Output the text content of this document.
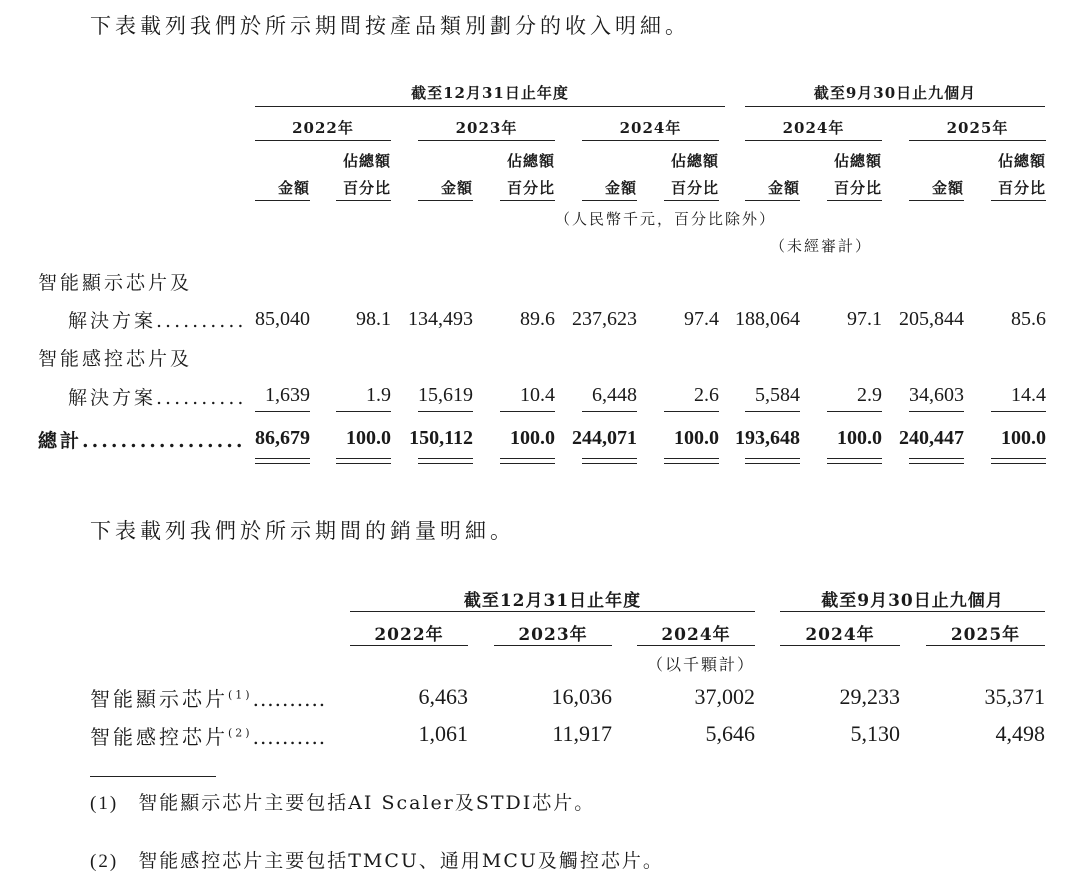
下表載列我們於所示期間按產品類別劃分的收入明細。
截至12月31日止年度	截至9月30日止九個月
2022年	2023年	2024年	2024年	2025年
佔總額	佔總額	佔總額	佔總額	佔總額
金額	百分比	金額	百分比	金額	百分比	金額	百分比	金額	百分比
（人民幣千元，百分比除外）
（未經審計）
智能顯示芯片及
解決方案.......... 85,040	98.1 134,493	89.6 237,623	97.4 188,064	97.1 205,844	85.6
智能感控芯片及
解決方案.......... 1,639	1.9	15,619	10.4	6,448	2.6	5,584	2.9	34,603	14.4
總計................. 86,679	100.0 150,112	100.0 244,071	100.0 193,648	100.0 240,447	100.0
下表載列我們於所示期間的銷量明細。
截至12月31日止年度	截至9月30日止九個月
2022年	2023年	2024年	2024年	2025年
（以千顆計）
智能顯示芯片$^{(1)}$..........	6,463	16,036	37,002	29,233	35,371
智能感控芯片$^{(2)}$..........	1,061	11,917	5,646	5,130	4,498
(1) 智能顯示芯片主要包括AI Scaler及STDI芯片。
(2) 智能感控芯片主要包括TMCU、通用MCU及觸控芯片。
